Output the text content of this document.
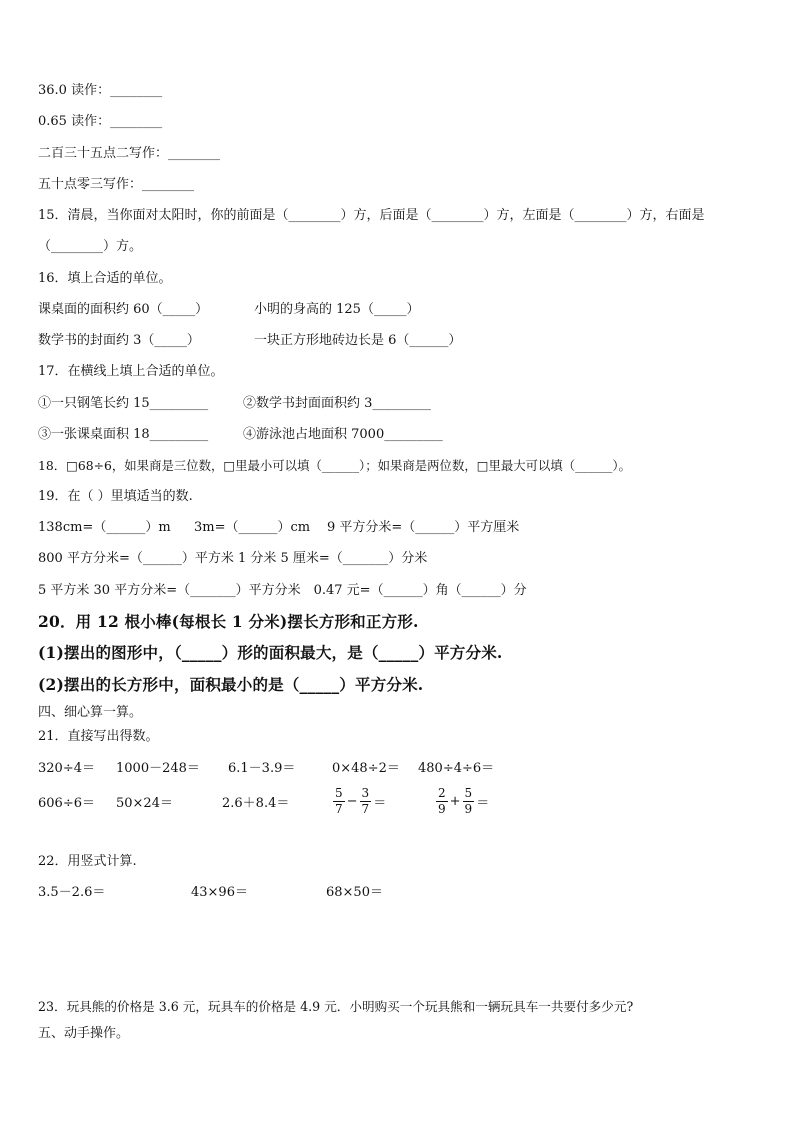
36.0 读作：________
0.65 读作：________
二百三十五点二写作：________
五十点零三写作：________
15．清晨，当你面对太阳时，你的前面是（________）方，后面是（________）方，左面是（________）方，右面是
（________）方。
16．填上合适的单位。
课桌面的面积约 60（_____）	小明的身高的 125（_____）
数学书的封面约 3（_____）	一块正方形地砖边长是 6（______）
17．在横线上填上合适的单位。
①一只钢笔长约 15_________	②数学书封面面积约 3_________
③一张课桌面积 18_________	④游泳池占地面积 7000_________
18．□68÷6，如果商是三位数，□里最小可以填（______）；如果商是两位数，□里最大可以填（______）。
19．在（ ）里填适当的数.
138cm=（______）m 3m=（______）cm 9 平方分米=（______）平方厘米
800 平方分米=（______）平方米 1 分米 5 厘米=（_______）分米
5 平方米 30 平方分米=（_______）平方分米　0.47 元=（______）角（______）分
20．用 12 根小棒(每根长 1 分米)摆长方形和正方形.
(1)摆出的图形中，（_____）形的面积最大，是（_____）平方分米.
(2)摆出的长方形中，面积最小的是（_____）平方分米.
四、细心算一算。
21．直接写出得数。
320÷4＝ 1000－248＝ 6.1－3.9＝	0×48÷2＝ 480÷4÷6＝
606÷6＝ 50×24＝	2.6＋8.4＝	$\frac{5}{7} - \frac{3}{7}$ ＝	$\frac{2}{9} + \frac{5}{9}$ ＝
22．用竖式计算.
3.5－2.6＝	43×96＝	68×50＝
23．玩具熊的价格是 3.6 元，玩具车的价格是 4.9 元．小明购买一个玩具熊和一辆玩具车一共要付多少元?
五、动手操作。
